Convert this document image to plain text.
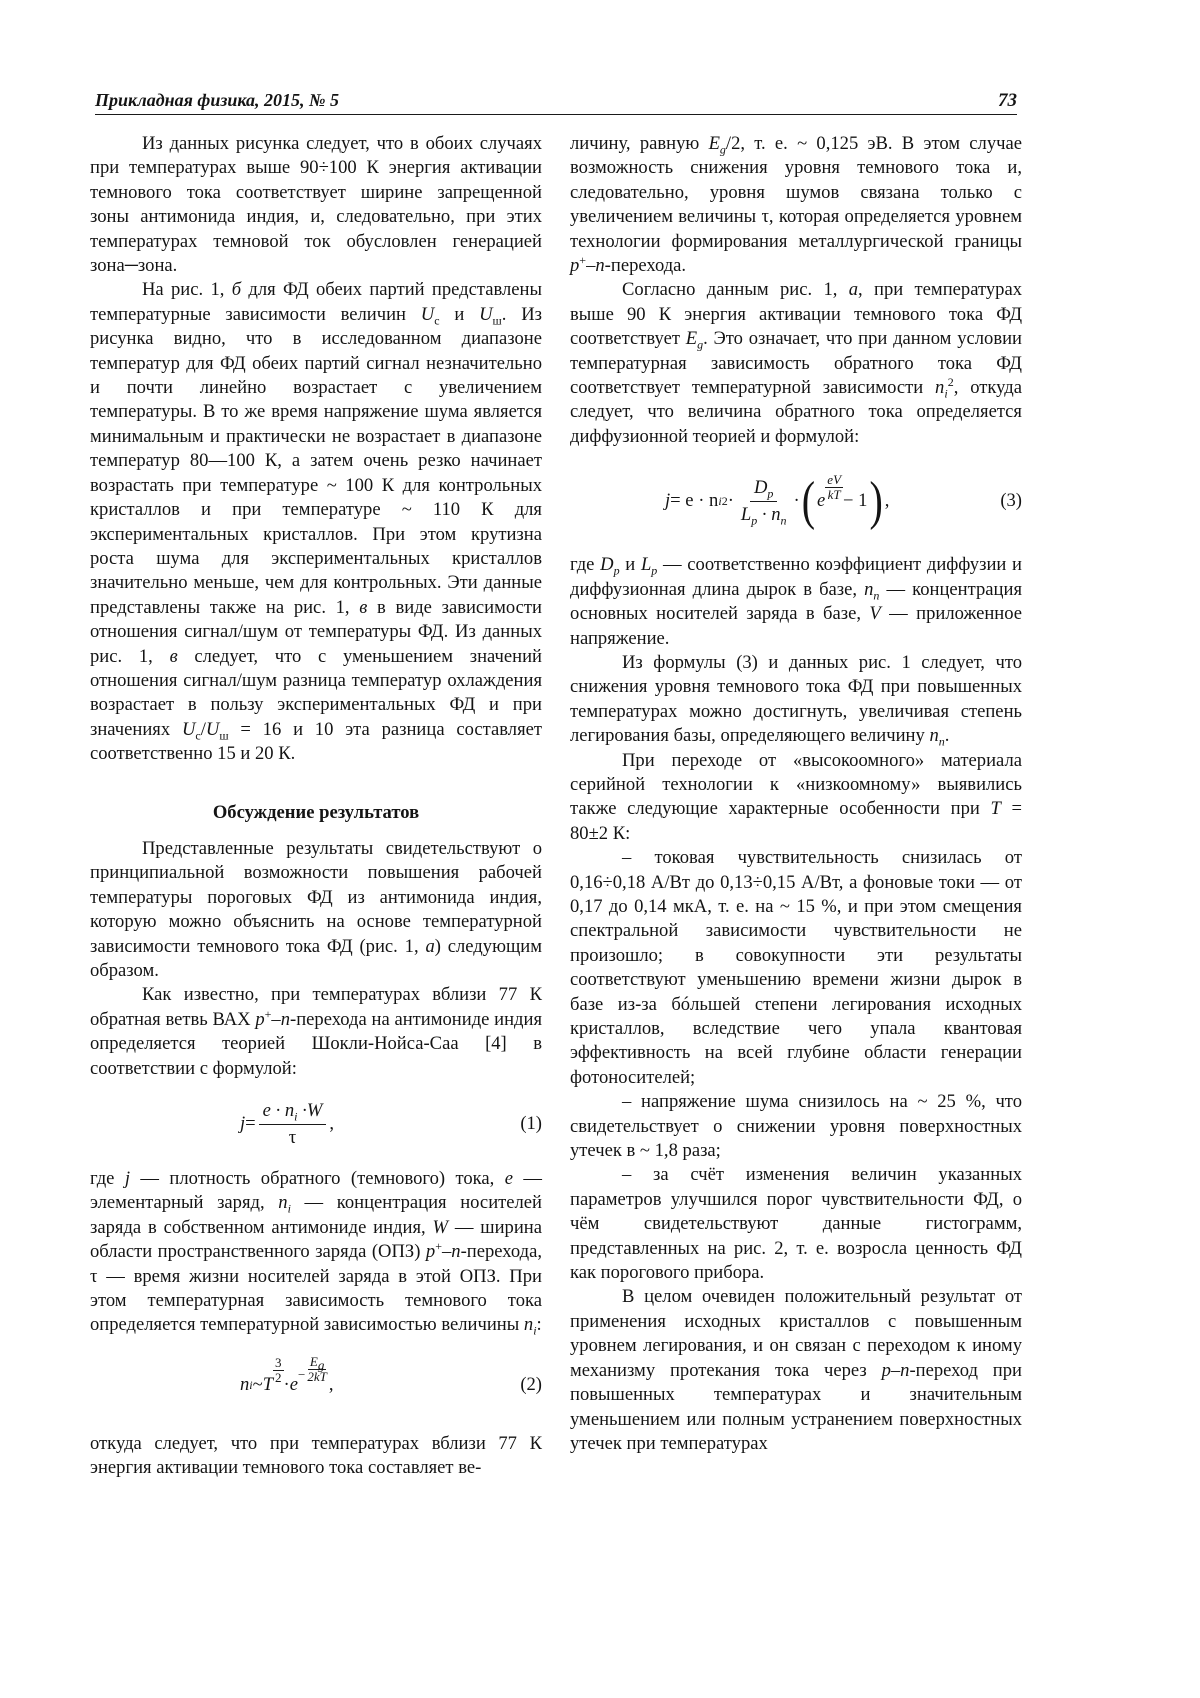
Прикладная физика, 2015, № 5	73

Из данных рисунка следует, что в обоих случаях при температурах выше 90÷100 К энергия активации темнового тока соответствует ширине запрещенной зоны антимонида индия, и, следовательно, при этих температурах темновой ток обусловлен генерацией зона─зона.

На рис. 1, б для ФД обеих партий представлены температурные зависимости величин $U_с$ и $U_ш$. Из рисунка видно, что в исследованном диапазоне температур для ФД обеих партий сигнал незначительно и почти линейно возрастает с увеличением температуры. В то же время напряжение шума является минимальным и практически не возрастает в диапазоне температур 80—100 К, а затем очень резко начинает возрастать при температуре ~ 100 К для контрольных кристаллов и при температуре ~ 110 К для экспериментальных кристаллов. При этом крутизна роста шума для экспериментальных кристаллов значительно меньше, чем для контрольных. Эти данные представлены также на рис. 1, в в виде зависимости отношения сигнал/шум от температуры ФД. Из данных рис. 1, в следует, что с уменьшением значений отношения сигнал/шум разница температур охлаждения возрастает в пользу экспериментальных ФД и при значениях $U_с/U_ш = 16$ и 10 эта разница составляет соответственно 15 и 20 К.

Обсуждение результатов

Представленные результаты свидетельствуют о принципиальной возможности повышения рабочей температуры пороговых ФД из антимонида индия, которую можно объяснить на основе температурной зависимости темнового тока ФД (рис. 1, а) следующим образом.

Как известно, при температурах вблизи 77 К обратная ветвь ВАХ p+–n-перехода на антимониде индия определяется теорией Шокли-Нойса-Саа [4] в соответствии с формулой:

$j = \frac{e \cdot n_i \cdot W}{\tau}$ ,	(1)

где j — плотность обратного (темнового) тока, e — элементарный заряд, $n_i$ — концентрация носителей заряда в собственном антимониде индия, W — ширина области пространственного заряда (ОПЗ) p+–n-перехода, τ — время жизни носителей заряда в этой ОПЗ. При этом температурная зависимость темнового тока определяется температурной зависимостью величины $n_i$:

n i ~ T
3
$2 \cdot e - \frac{E_g}{2kT}$
,	(2)

откуда следует, что при температурах вблизи 77 К энергия активации темнового тока составляет ве-

личину, равную $E_g/2$, т. е. ~ 0,125 эВ. В этом случае возможность снижения уровня темнового тока и, следовательно, уровня шумов связана только с увеличением величины τ, которая определяется уровнем технологии формирования металлургической границы p+–n-перехода.

Согласно данным рис. 1, а, при температурах выше 90 К энергия активации темнового тока ФД соответствует $E_g$. Это означает, что при данном условии температурная зависимость обратного тока ФД соответствует температурной зависимости $n_i^2$, откуда следует, что величина обратного тока определяется диффузионной теорией и формулой:

j = e · n i $2 \cdot \frac{D_p}{L_p \cdot n_n}$ · ( e
eV
kT − 1 ) ,	(3)

где $D_p$ и $L_p$ — соответственно коэффициент диффузии и диффузионная длина дырок в базе, $n_n$ — концентрация основных носителей заряда в базе, V — приложенное напряжение.

Из формулы (3) и данных рис. 1 следует, что снижения уровня темнового тока ФД при повышенных температурах можно достигнуть, увеличивая степень легирования базы, определяющего величину $n_n$.

При переходе от «высокоомного» материала серийной технологии к «низкоомному» выявились также следующие характерные особенности при T = 80±2 К:

– токовая чувствительность снизилась от 0,16÷0,18 А/Вт до 0,13÷0,15 А/Вт, а фоновые токи — от 0,17 до 0,14 мкА, т. е. на ~ 15 %, и при этом смещения спектральной зависимости чувствительности не произошло; в совокупности эти результаты соответствуют уменьшению времени жизни дырок в базе из-за бóльшей степени легирования исходных кристаллов, вследствие чего упала квантовая эффективность на всей глубине области генерации фотоносителей;

– напряжение шума снизилось на ~ 25 %, что свидетельствует о снижении уровня поверхностных утечек в ~ 1,8 раза;

– за счёт изменения величин указанных параметров улучшился порог чувствительности ФД, о чём свидетельствуют данные гистограмм, представленных на рис. 2, т. е. возросла ценность ФД как порогового прибора.

В целом очевиден положительный результат от применения исходных кристаллов с повышенным уровнем легирования, и он связан с переходом к иному механизму протекания тока через p–n-переход при повышенных температурах и значительным уменьшением или полным устранением поверхностных утечек при температурах
